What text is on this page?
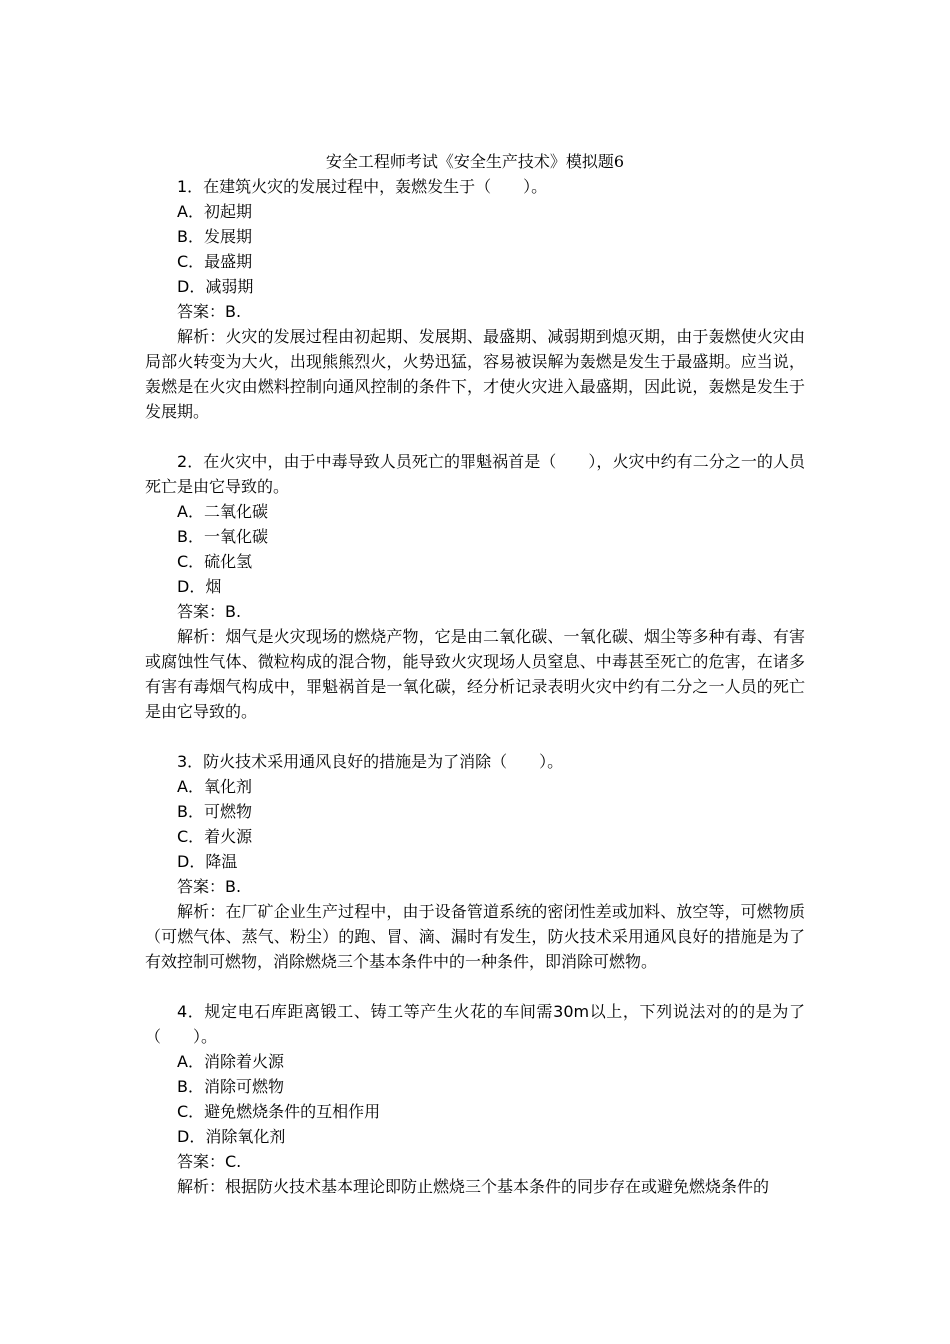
安全工程师考试《安全生产技术》模拟题6
1．在建筑火灾的发展过程中，轰燃发生于（　　）。
A．初起期
B．发展期
C．最盛期
D．减弱期
答案：B.
解析：火灾的发展过程由初起期、发展期、最盛期、减弱期到熄灭期，由于轰燃使火灾由局部火转变为大火，出现熊熊烈火，火势迅猛，容易被误解为轰燃是发生于最盛期。应当说，轰燃是在火灾由燃料控制向通风控制的条件下，才使火灾进入最盛期，因此说，轰燃是发生于发展期。
2．在火灾中，由于中毒导致人员死亡的罪魁祸首是（　　），火灾中约有二分之一的人员死亡是由它导致的。
A．二氧化碳
B．一氧化碳
C．硫化氢
D．烟
答案：B.
解析：烟气是火灾现场的燃烧产物，它是由二氧化碳、一氧化碳、烟尘等多种有毒、有害或腐蚀性气体、微粒构成的混合物，能导致火灾现场人员窒息、中毒甚至死亡的危害，在诸多有害有毒烟气构成中，罪魁祸首是一氧化碳，经分析记录表明火灾中约有二分之一人员的死亡是由它导致的。
3．防火技术采用通风良好的措施是为了消除（　　）。
A．氧化剂
B．可燃物
C．着火源
D．降温
答案：B.
解析：在厂矿企业生产过程中，由于设备管道系统的密闭性差或加料、放空等，可燃物质（可燃气体、蒸气、粉尘）的跑、冒、滴、漏时有发生，防火技术采用通风良好的措施是为了有效控制可燃物，消除燃烧三个基本条件中的一种条件，即消除可燃物。
4．规定电石库距离锻工、铸工等产生火花的车间需30m以上，下列说法对的的是为了（　　）。
A．消除着火源
B．消除可燃物
C．避免燃烧条件的互相作用
D．消除氧化剂
答案：C.
解析：根据防火技术基本理论即防止燃烧三个基本条件的同步存在或避免燃烧条件的
